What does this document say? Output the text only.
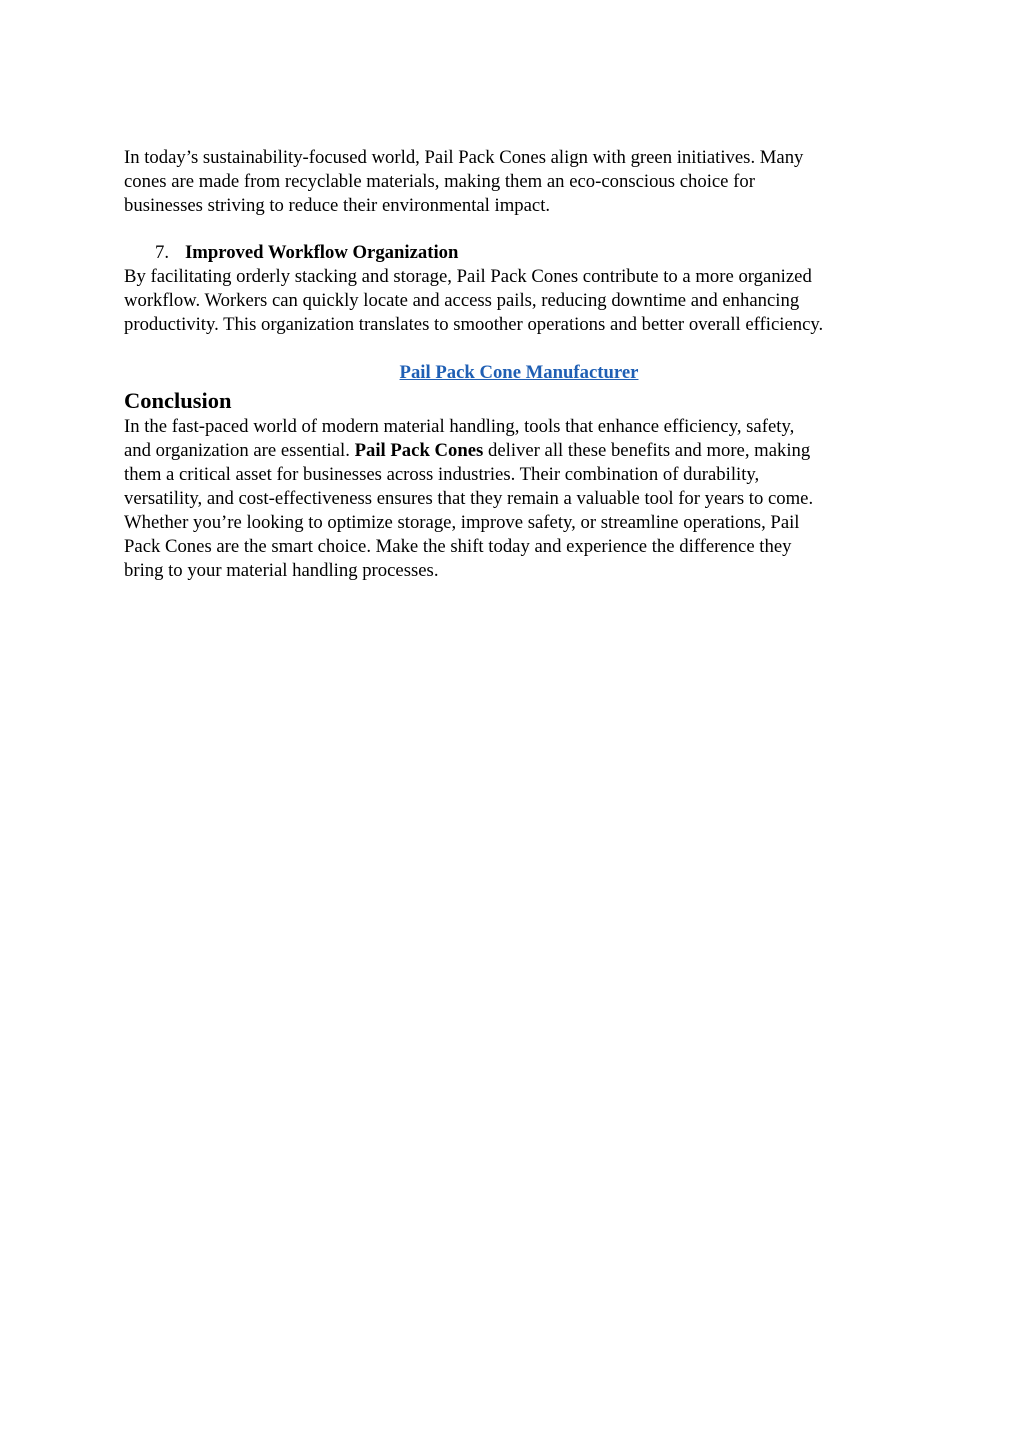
In today’s sustainability-focused world, Pail Pack Cones align with green initiatives. Many
cones are made from recyclable materials, making them an eco-conscious choice for
businesses striving to reduce their environmental impact.

7. Improved Workflow Organization

By facilitating orderly stacking and storage, Pail Pack Cones contribute to a more organized
workflow. Workers can quickly locate and access pails, reducing downtime and enhancing
productivity. This organization translates to smoother operations and better overall efficiency.

Pail Pack Cone Manufacturer
Conclusion

In the fast-paced world of modern material handling, tools that enhance efficiency, safety,
and organization are essential. Pail Pack Cones deliver all these benefits and more, making
them a critical asset for businesses across industries. Their combination of durability,
versatility, and cost-effectiveness ensures that they remain a valuable tool for years to come.
Whether you’re looking to optimize storage, improve safety, or streamline operations, Pail
Pack Cones are the smart choice. Make the shift today and experience the difference they
bring to your material handling processes.
